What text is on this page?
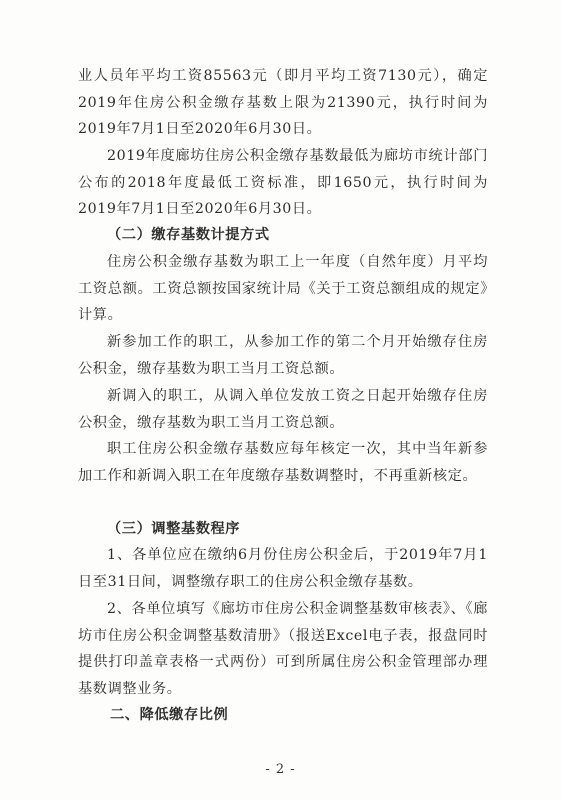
业人员年平均工资85563元（即月平均工资7130元），确定2019年住房公积金缴存基数上限为21390元，执行时间为2019年7月1日至2020年6月30日。

2019年度廊坊住房公积金缴存基数最低为廊坊市统计部门公布的2018年度最低工资标准，即1650元，执行时间为2019年7月1日至2020年6月30日。

（二）缴存基数计提方式

住房公积金缴存基数为职工上一年度（自然年度）月平均工资总额。工资总额按国家统计局《关于工资总额组成的规定》计算。

新参加工作的职工，从参加工作的第二个月开始缴存住房公积金，缴存基数为职工当月工资总额。

新调入的职工，从调入单位发放工资之日起开始缴存住房公积金，缴存基数为职工当月工资总额。

职工住房公积金缴存基数应每年核定一次，其中当年新参加工作和新调入职工在年度缴存基数调整时，不再重新核定。

（三）调整基数程序

1、各单位应在缴纳6月份住房公积金后，于2019年7月1日至31日间，调整缴存职工的住房公积金缴存基数。

2、各单位填写《廊坊市住房公积金调整基数审核表》、《廊坊市住房公积金调整基数清册》（报送Excel电子表，报盘同时提供打印盖章表格一式两份）可到所属住房公积金管理部办理基数调整业务。

二、降低缴存比例

- 2 -
